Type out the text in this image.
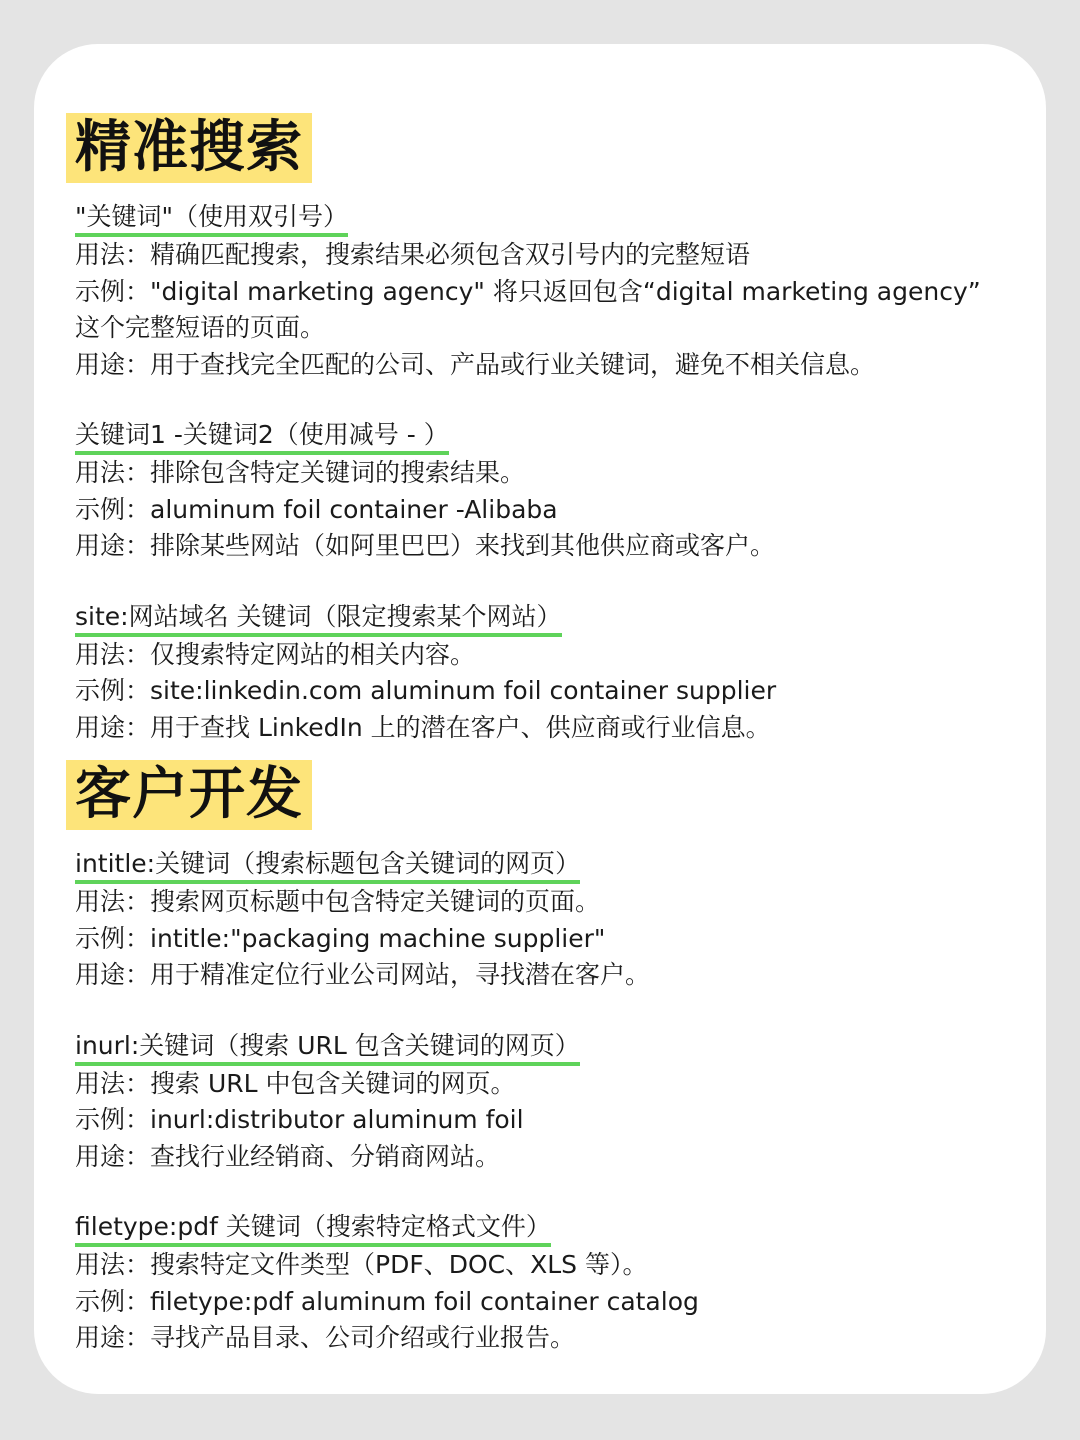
精准搜索
"关键词"（使用双引号）
用法：精确匹配搜索，搜索结果必须包含双引号内的完整短语
示例："digital marketing agency" 将只返回包含“digital marketing agency”
这个完整短语的页面。
用途：用于查找完全匹配的公司、产品或行业关键词，避免不相关信息。
关键词1 -关键词2（使用减号 - ）
用法：排除包含特定关键词的搜索结果。
示例：aluminum foil container -Alibaba
用途：排除某些网站（如阿里巴巴）来找到其他供应商或客户。
site:网站域名 关键词（限定搜索某个网站）
用法：仅搜索特定网站的相关内容。
示例：site:linkedin.com aluminum foil container supplier
用途：用于查找 LinkedIn 上的潜在客户、供应商或行业信息。
客户开发
intitle:关键词（搜索标题包含关键词的网页）
用法：搜索网页标题中包含特定关键词的页面。
示例：intitle:"packaging machine supplier"
用途：用于精准定位行业公司网站，寻找潜在客户。
inurl:关键词（搜索 URL 包含关键词的网页）
用法：搜索 URL 中包含关键词的网页。
示例：inurl:distributor aluminum foil
用途：查找行业经销商、分销商网站。
filetype:pdf 关键词（搜索特定格式文件）
用法：搜索特定文件类型（PDF、DOC、XLS 等）。
示例：filetype:pdf aluminum foil container catalog
用途：寻找产品目录、公司介绍或行业报告。
